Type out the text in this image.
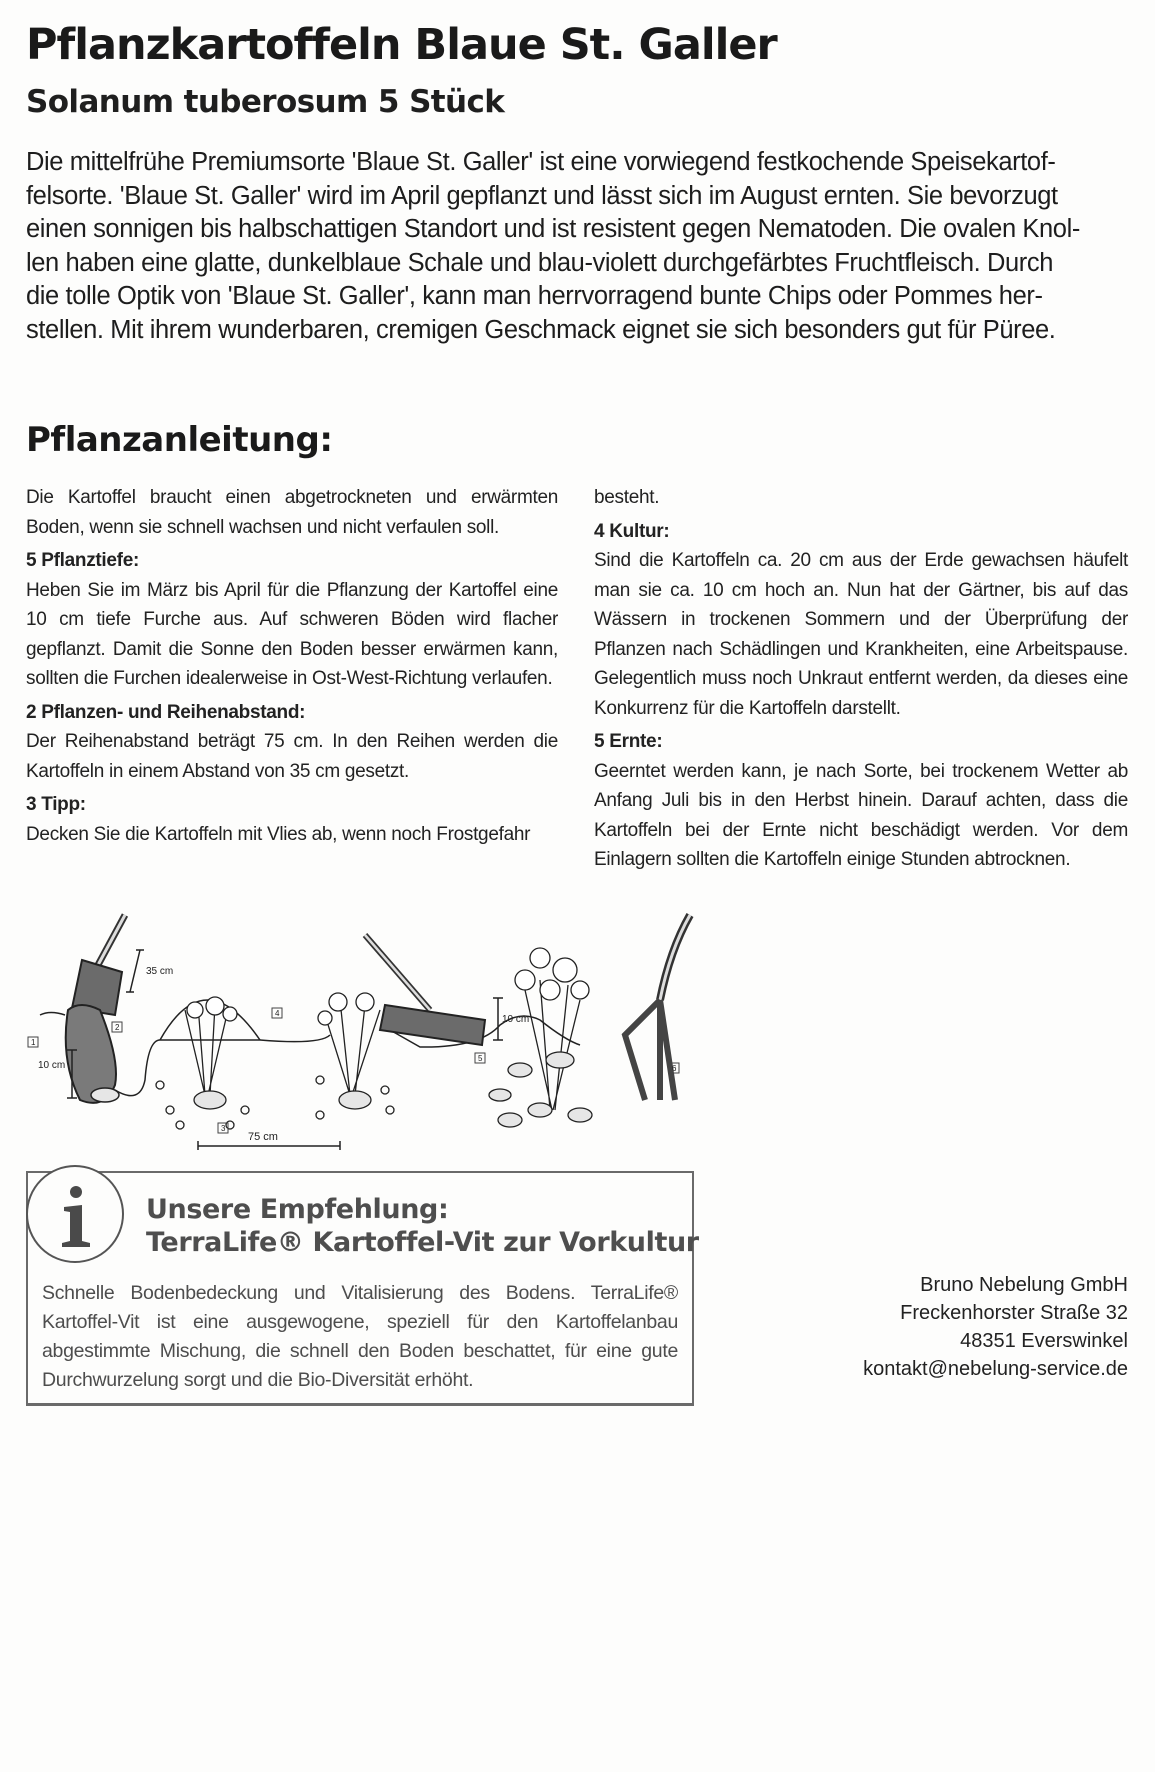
Pflanzkartoffeln Blaue St. Galler
Solanum tuberosum 5 Stück
Die mittelfrühe Premiumsorte 'Blaue St. Galler' ist eine vorwiegend festkochende Speisekartof-
felsorte. 'Blaue St. Galler' wird im April gepflanzt und lässt sich im August ernten. Sie bevorzugt
einen sonnigen bis halbschattigen Standort und ist resistent gegen Nematoden. Die ovalen Knol-
len haben eine glatte, dunkelblaue Schale und blau-violett durchgefärbtes Fruchtfleisch. Durch
die tolle Optik von 'Blaue St. Galler', kann man herrvorragend bunte Chips oder Pommes her-
stellen. Mit ihrem wunderbaren, cremigen Geschmack eignet sie sich besonders gut für Püree.
Pflanzanleitung:

Die Kartoffel braucht einen abgetrockneten und erwärmten Boden, wenn sie schnell wachsen und nicht verfaulen soll.

5 Pflanztiefe:

Heben Sie im März bis April für die Pflanzung der Kartoffel eine 10 cm tiefe Furche aus. Auf schweren Böden wird flacher gepflanzt. Damit die Sonne den Boden besser erwärmen kann, sollten die Furchen idealerweise in Ost-West-Richtung verlaufen.

2 Pflanzen- und Reihenabstand:

Der Reihenabstand beträgt 75 cm. In den Reihen werden die Kartoffeln in einem Abstand von 35 cm gesetzt.

3 Tipp:

Decken Sie die Kartoffeln mit Vlies ab, wenn noch Frostgefahr

besteht.

4 Kultur:

Sind die Kartoffeln ca. 20 cm aus der Erde gewachsen häufelt man sie ca. 10 cm hoch an. Nun hat der Gärtner, bis auf das Wässern in trockenen Sommern und der Überprüfung der Pflanzen nach Schädlingen und Krankheiten, eine Arbeitspause. Gelegentlich muss noch Unkraut entfernt werden, da dieses eine Konkurrenz für die Kartoffeln darstellt.

5 Ernte:

Geerntet werden kann, je nach Sorte, bei trockenem Wetter ab Anfang Juli bis in den Herbst hinein. Darauf achten, dass die Kartoffeln bei der Ernte nicht beschädigt werden. Vor dem Einlagern sollten die Kartoffeln einige Stunden abtrocknen.

35 cm
10 cm
75 cm
10 cm
1
2
3
4
5
6
Unsere Empfehlung:
TerraLife® Kartoffel-Vit zur Vorkultur

Schnelle Bodenbedeckung und Vitalisierung des Bodens. TerraLife® Kartoffel-Vit ist eine ausgewogene, speziell für den Kartoffelanbau abgestimmte Mischung, die schnell den Boden beschattet, für eine gute Durchwurzelung sorgt und die Bio-Diversität erhöht.

Bruno Nebelung GmbH
Freckenhorster Straße 32
48351 Everswinkel
kontakt@nebelung-service.de
